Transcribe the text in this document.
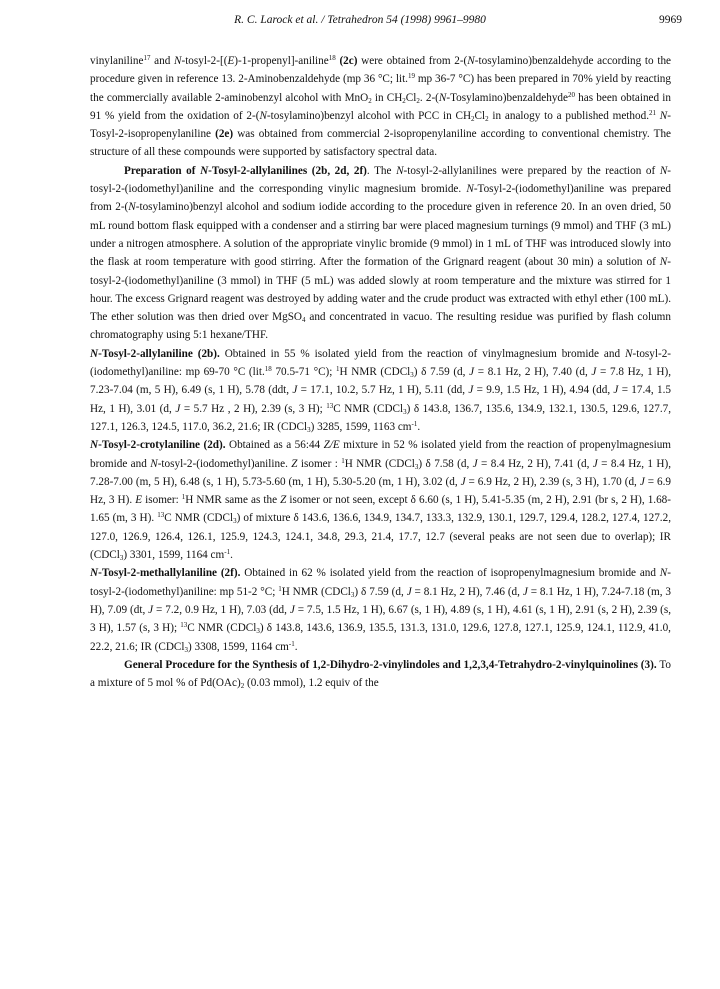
R. C. Larock et al. / Tetrahedron 54 (1998) 9961–9980	9969

vinylaniline$^{17}$ and N-tosyl-2-[(E)-1-propenyl]-aniline$^{18}$ (2c) were obtained from 2-(N-tosylamino)benzaldehyde according to the procedure given in reference 13. 2-Aminobenzaldehyde (mp 36 °C; lit.$^{19}$ mp 36-7 °C) has been prepared in 70% yield by reacting the commercially available 2-aminobenzyl alcohol with MnO$_2$ in $CH_2Cl_2$. 2-(N-Tosylamino)benzaldehyde$^{20}$ has been obtained in 91 % yield from the oxidation of 2-(N-tosylamino)benzyl alcohol with PCC in $CH_2Cl_2$ in analogy to a published method.$^{21}$ N-Tosyl-2-isopropenylaniline (2e) was obtained from commercial 2-isopropenylaniline according to conventional chemistry. The structure of all these compounds were supported by satisfactory spectral data.

Preparation of N-Tosyl-2-allylanilines (2b, 2d, 2f). The N-tosyl-2-allylanilines were prepared by the reaction of N-tosyl-2-(iodomethyl)aniline and the corresponding vinylic magnesium bromide. N-Tosyl-2-(iodomethyl)aniline was prepared from 2-(N-tosylamino)benzyl alcohol and sodium iodide according to the procedure given in reference 20. In an oven dried, 50 mL round bottom flask equipped with a condenser and a stirring bar were placed magnesium turnings (9 mmol) and THF (3 mL) under a nitrogen atmosphere. A solution of the appropriate vinylic bromide (9 mmol) in 1 mL of THF was introduced slowly into the flask at room temperature with good stirring. After the formation of the Grignard reagent (about 30 min) a solution of N-tosyl-2-(iodomethyl)aniline (3 mmol) in THF (5 mL) was added slowly at room temperature and the mixture was stirred for 1 hour. The excess Grignard reagent was destroyed by adding water and the crude product was extracted with ethyl ether (100 mL). The ether solution was then dried over MgSO$_4$ and concentrated in vacuo. The resulting residue was purified by flash column chromatography using 5:1 hexane/THF.

N-Tosyl-2-allylaniline (2b). Obtained in 55 % isolated yield from the reaction of vinylmagnesium bromide and N-tosyl-2-(iodomethyl)aniline: mp 69-70 °C (lit.$^{18}$ 70.5-71 °C); $^1$H NMR (CDCl$_3$) δ 7.59 (d, J = 8.1 Hz, 2 H), 7.40 (d, J = 7.8 Hz, 1 H), 7.23-7.04 (m, 5 H), 6.49 (s, 1 H), 5.78 (ddt, J = 17.1, 10.2, 5.7 Hz, 1 H), 5.11 (dd, J = 9.9, 1.5 Hz, 1 H), 4.94 (dd, J = 17.4, 1.5 Hz, 1 H), 3.01 (d, J = 5.7 Hz , 2 H), 2.39 (s, 3 H); $^{13}$C NMR (CDCl$_3$) δ 143.8, 136.7, 135.6, 134.9, 132.1, 130.5, 129.6, 127.7, 127.1, 126.3, 124.5, 117.0, 36.2, 21.6; IR (CDCl$_3$) 3285, 1599, 1163 $cm^{-1}$.

N-Tosyl-2-crotylaniline (2d). Obtained as a 56:44 Z/E mixture in 52 % isolated yield from the reaction of propenylmagnesium bromide and N-tosyl-2-(iodomethyl)aniline. Z isomer : $^1$H NMR (CDCl$_3$) δ 7.58 (d, J = 8.4 Hz, 2 H), 7.41 (d, J = 8.4 Hz, 1 H), 7.28-7.00 (m, 5 H), 6.48 (s, 1 H), 5.73-5.60 (m, 1 H), 5.30-5.20 (m, 1 H), 3.02 (d, J = 6.9 Hz, 2 H), 2.39 (s, 3 H), 1.70 (d, J = 6.9 Hz, 3 H). E isomer: $^1$H NMR same as the Z isomer or not seen, except δ 6.60 (s, 1 H), 5.41-5.35 (m, 2 H), 2.91 (br s, 2 H), 1.68-1.65 (m, 3 H). $^{13}$C NMR (CDCl$_3$) of mixture δ 143.6, 136.6, 134.9, 134.7, 133.3, 132.9, 130.1, 129.7, 129.4, 128.2, 127.4, 127.2, 127.0, 126.9, 126.4, 126.1, 125.9, 124.3, 124.1, 34.8, 29.3, 21.4, 17.7, 12.7 (several peaks are not seen due to overlap); IR (CDCl$_3$) 3301, 1599, 1164 $cm^{-1}$.

N-Tosyl-2-methallylaniline (2f). Obtained in 62 % isolated yield from the reaction of isopropenylmagnesium bromide and N-tosyl-2-(iodomethyl)aniline: mp 51-2 °C; $^1$H NMR (CDCl$_3$) δ 7.59 (d, J = 8.1 Hz, 2 H), 7.46 (d, J = 8.1 Hz, 1 H), 7.24-7.18 (m, 3 H), 7.09 (dt, J = 7.2, 0.9 Hz, 1 H), 7.03 (dd, J = 7.5, 1.5 Hz, 1 H), 6.67 (s, 1 H), 4.89 (s, 1 H), 4.61 (s, 1 H), 2.91 (s, 2 H), 2.39 (s, 3 H), 1.57 (s, 3 H); $^{13}$C NMR (CDCl$_3$) δ 143.8, 143.6, 136.9, 135.5, 131.3, 131.0, 129.6, 127.8, 127.1, 125.9, 124.1, 112.9, 41.0, 22.2, 21.6; IR (CDCl$_3$) 3308, 1599, 1164 $cm^{-1}$.

General Procedure for the Synthesis of 1,2-Dihydro-2-vinylindoles and 1,2,3,4-Tetrahydro-2-vinylquinolines (3). To a mixture of 5 mol % of $Pd(OAc)_2$ (0.03 mmol), 1.2 equiv of the
